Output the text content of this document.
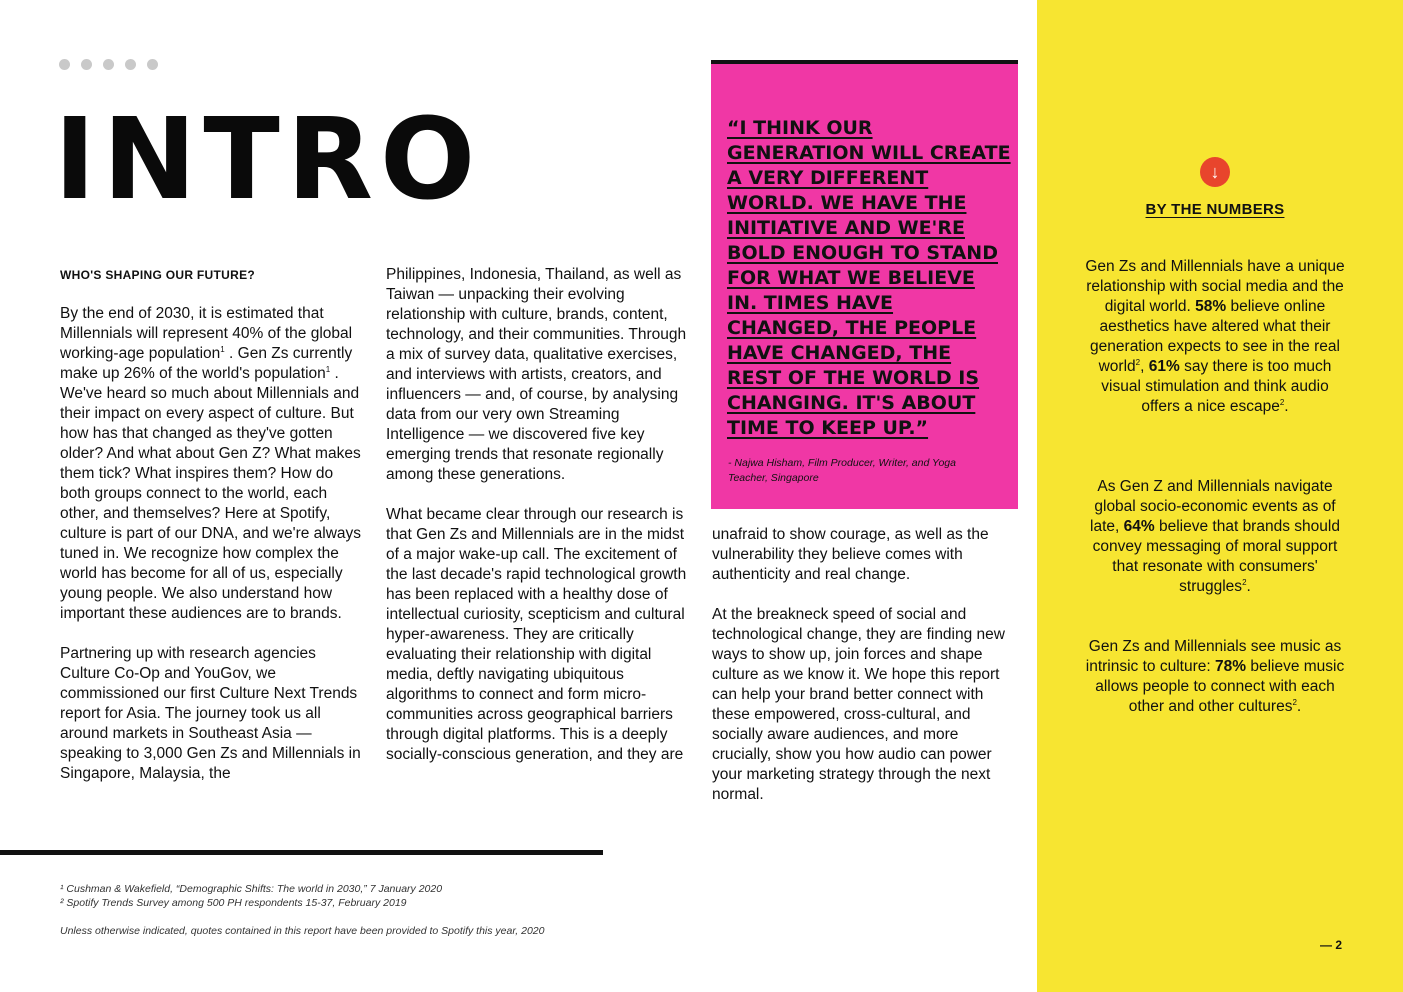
INTRO

WHO'S SHAPING OUR FUTURE?

By the end of 2030, it is estimated that Millennials will represent 40% of the global working-age population$^1$ . Gen Zs currently make up 26% of the world's population$^1$ . We've heard so much about Millennials and their impact on every aspect of culture. But how has that changed as they've gotten older? And what about Gen Z? What makes them tick? What inspires them? How do both groups connect to the world, each other, and themselves? Here at Spotify, culture is part of our DNA, and we're always tuned in. We recognize how complex the world has become for all of us, especially young people. We also understand how important these audiences are to brands.

Partnering up with research agencies Culture Co-Op and YouGov, we commissioned our first Culture Next Trends report for Asia. The journey took us all around markets in Southeast Asia — speaking to 3,000 Gen Zs and Millennials in Singapore, Malaysia, the

Philippines, Indonesia, Thailand, as well as Taiwan — unpacking their evolving relationship with culture, brands, content, technology, and their communities. Through a mix of survey data, qualitative exercises, and interviews with artists, creators, and influencers — and, of course, by analysing data from our very own Streaming Intelligence — we discovered five key emerging trends that resonate regionally among these generations.

What became clear through our research is that Gen Zs and Millennials are in the midst of a major wake-up call. The excitement of the last decade's rapid technological growth has been replaced with a healthy dose of intellectual curiosity, scepticism and cultural hyper-awareness. They are critically evaluating their relationship with digital media, deftly navigating ubiquitous algorithms to connect and form micro-communities across geographical barriers through digital platforms. This is a deeply socially-conscious generation, and they are

“I THINK OUR GENERATION WILL CREATE A VERY DIFFERENT WORLD. WE HAVE THE INITIATIVE AND WE'RE BOLD ENOUGH TO STAND FOR WHAT WE BELIEVE IN. TIMES HAVE CHANGED, THE PEOPLE HAVE CHANGED, THE REST OF THE WORLD IS CHANGING. IT'S ABOUT TIME TO KEEP UP.”

- Najwa Hisham, Film Producer, Writer, and Yoga Teacher, Singapore

unafraid to show courage, as well as the vulnerability they believe comes with authenticity and real change.

At the breakneck speed of social and technological change, they are finding new ways to show up, join forces and shape culture as we know it. We hope this report can help your brand better connect with these empowered, cross-cultural, and socially aware audiences, and more crucially, show you how audio can power your marketing strategy through the next normal.

↓

BY THE NUMBERS

Gen Zs and Millennials have a unique relationship with social media and the digital world. 58% believe online aesthetics have altered what their generation expects to see in the real world$^2$, 61% say there is too much visual stimulation and think audio offers a nice escape$^2$.

As Gen Z and Millennials navigate global socio-economic events as of late, 64% believe that brands should convey messaging of moral support that resonate with consumers' struggles$^2$.

Gen Zs and Millennials see music as intrinsic to culture: 78% believe music allows people to connect with each other and other cultures$^2$.

¹ Cushman & Wakefield, “Demographic Shifts: The world in 2030,” 7 January 2020

² Spotify Trends Survey among 500 PH respondents 15-37, February 2019

Unless otherwise indicated, quotes contained in this report have been provided to Spotify this year, 2020

— 2
